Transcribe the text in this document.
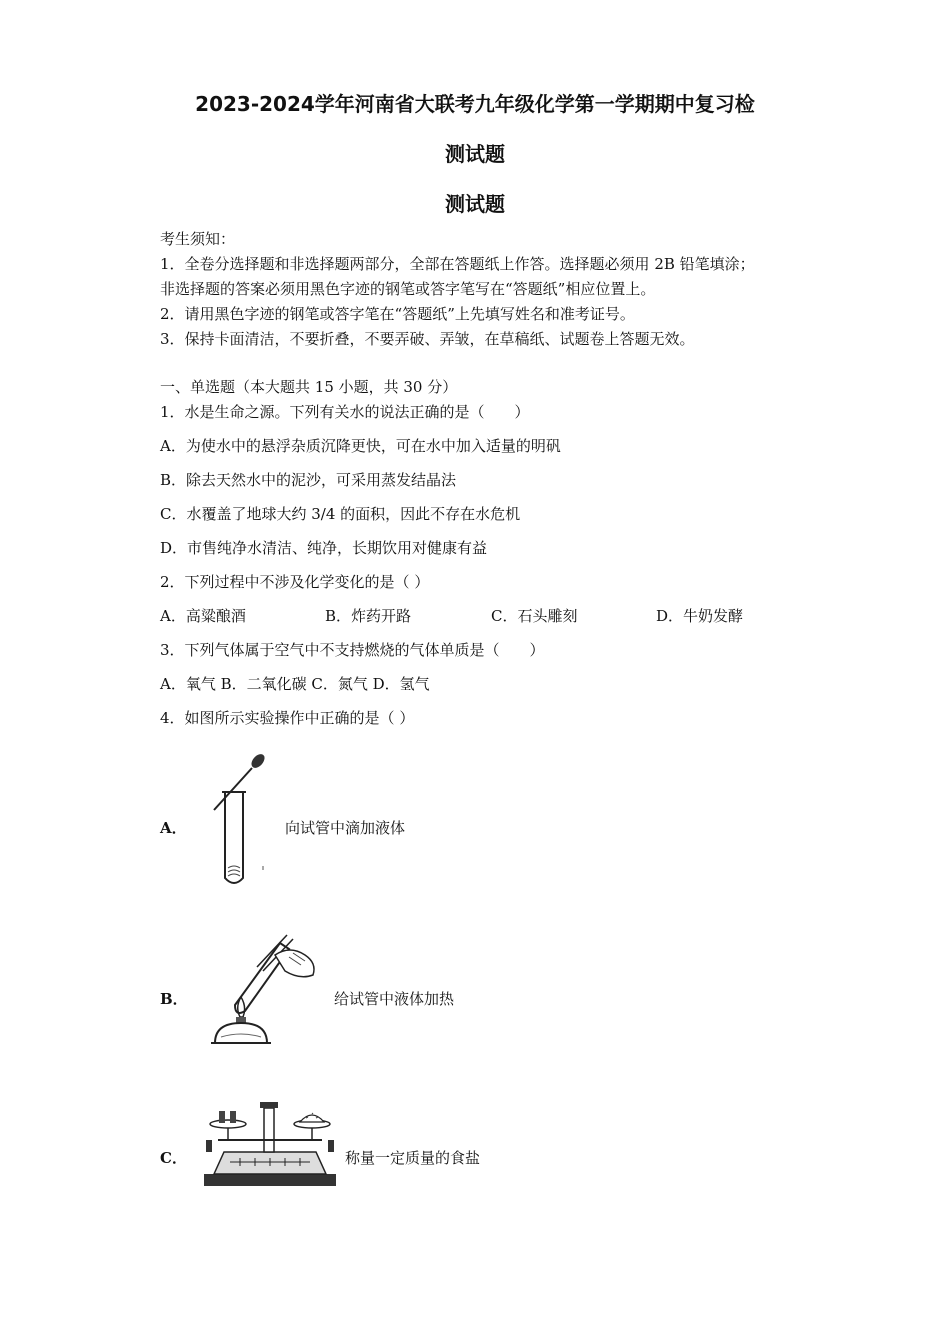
2023-2024学年河南省大联考九年级化学第一学期期中复习检
测试题
测试题
考生须知：
1．全卷分选择题和非选择题两部分，全部在答题纸上作答。选择题必须用 2B 铅笔填涂；
非选择题的答案必须用黑色字迹的钢笔或答字笔写在“答题纸”相应位置上。
2．请用黑色字迹的钢笔或答字笔在“答题纸”上先填写姓名和准考证号。
3．保持卡面清洁，不要折叠，不要弄破、弄皱，在草稿纸、试题卷上答题无效。
一、单选题（本大题共 15 小题，共 30 分）
1．水是生命之源。下列有关水的说法正确的是（　　）
A．为使水中的悬浮杂质沉降更快，可在水中加入适量的明矾
B．除去天然水中的泥沙，可采用蒸发结晶法
C．水覆盖了地球大约 3/4 的面积，因此不存在水危机
D．市售纯净水清洁、纯净，长期饮用对健康有益
2．下列过程中不涉及化学变化的是（ ）
A．高粱酿酒	B．炸药开路	C．石头雕刻	D．牛奶发酵
3．下列气体属于空气中不支持燃烧的气体单质是（　　）
A．氧气 B．二氧化碳 C．氮气 D．氢气
4．如图所示实验操作中正确的是（ ）
A．	向试管中滴加液体
B．	给试管中液体加热
C．	称量一定质量的食盐
